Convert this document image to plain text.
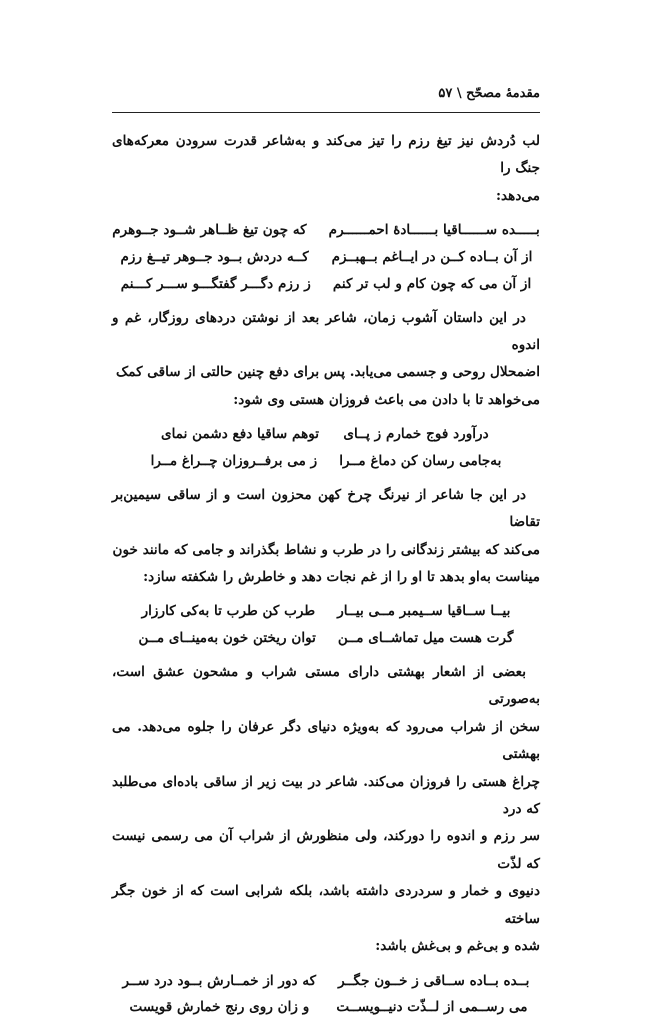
مقدمهٔ مصحّح \ ۵۷

لب دُردش نیز تیغ رزم را تیز می‌کند و به‌شاعر قدرت سرودن معرکه‌های جنگ را

می‌دهد:

بـــــده ســــــاقیا بــــــادهٔ احمــــــرم
که چون تیغ ظــاهر شــود جــوهرم
از آن بــاده کــن در ایــاغم بــهبــزم
کــه دردش بــود جــوهر تیــغ رزم
از آن می که چون کام و لب تر کنم
ز رزم دگـــر گفتگـــو ســـر کـــنم

در این داستان آشوب زمان، شاعر بعد از نوشتن دردهای روزگار، غم و اندوه

اضمحلال روحی و جسمی می‌یابد. پس برای دفع چنین حالتی از ساقی کمک

می‌خواهد تا با دادن می باعث فروزان هستی وی شود:

درآورد فوج خمارم ز پــای
توهم ساقیا دفع دشمن نمای
به‌جامی رسان کن دماغ مــرا
ز می برفــروزان چــراغ مــرا

در این جا شاعر از نیرنگ چرخ کهن محزون است و از ساقی سیمین‌بر تقاضا

می‌کند که بیشتر زندگانی را در طرب و نشاط بگذراند و جامی که مانند خون

میناست به‌او بدهد تا او را از غم نجات دهد و خاطرش را شکفته سازد:

بیــا ســاقیا ســیمبر مــی بیــار
طرب کن طرب تا به‌کی کارزار
گرت هست میل تماشــای مــن
توان ریختن خون به‌مینــای مــن

بعضی از اشعار بهشتی دارای مستی شراب و مشحون عشق است، به‌صورتی

سخن از شراب می‌رود که به‌ویژه دنیای دگر عرفان را جلوه می‌دهد. می بهشتی

چراغ هستی را فروزان می‌کند. شاعر در بیت زیر از ساقی باده‌ای می‌طلبد که درد

سر رزم و اندوه را دورکند، ولی منظورش از شراب آن می رسمی نیست که لذّت

دنیوی و خمار و سردردی داشته باشد، بلکه شرابی است که از خون جگر ساخته

شده و بی‌غم و بی‌غش باشد:

بــده بــاده ســاقی ز خــون جگــر
که دور از خمــارش بــود درد ســر
می رســمی از لــذّت دنیــویســت
و زان روی رنج خمارش قویست
